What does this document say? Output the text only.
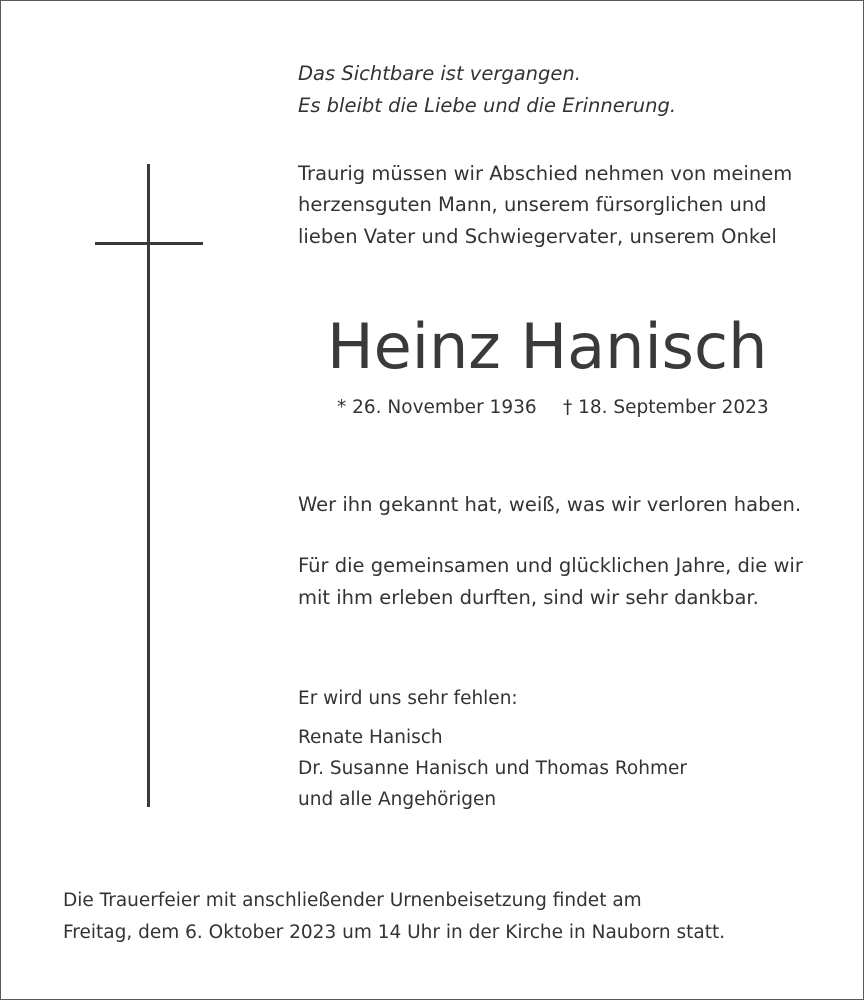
Das Sichtbare ist vergangen.
Es bleibt die Liebe und die Erinnerung.
Traurig müssen wir Abschied nehmen von meinem
herzensguten Mann, unserem fürsorglichen und
lieben Vater und Schwiegervater, unserem Onkel
Heinz Hanisch
* 26. November 1936 † 18. September 2023
Wer ihn gekannt hat, weiß, was wir verloren haben.
Für die gemeinsamen und glücklichen Jahre, die wir
mit ihm erleben durften, sind wir sehr dankbar.
Er wird uns sehr fehlen:
Renate Hanisch
Dr. Susanne Hanisch und Thomas Rohmer
und alle Angehörigen
Die Trauerfeier mit anschließender Urnenbeisetzung findet am
Freitag, dem 6. Oktober 2023 um 14 Uhr in der Kirche in Nauborn statt.
